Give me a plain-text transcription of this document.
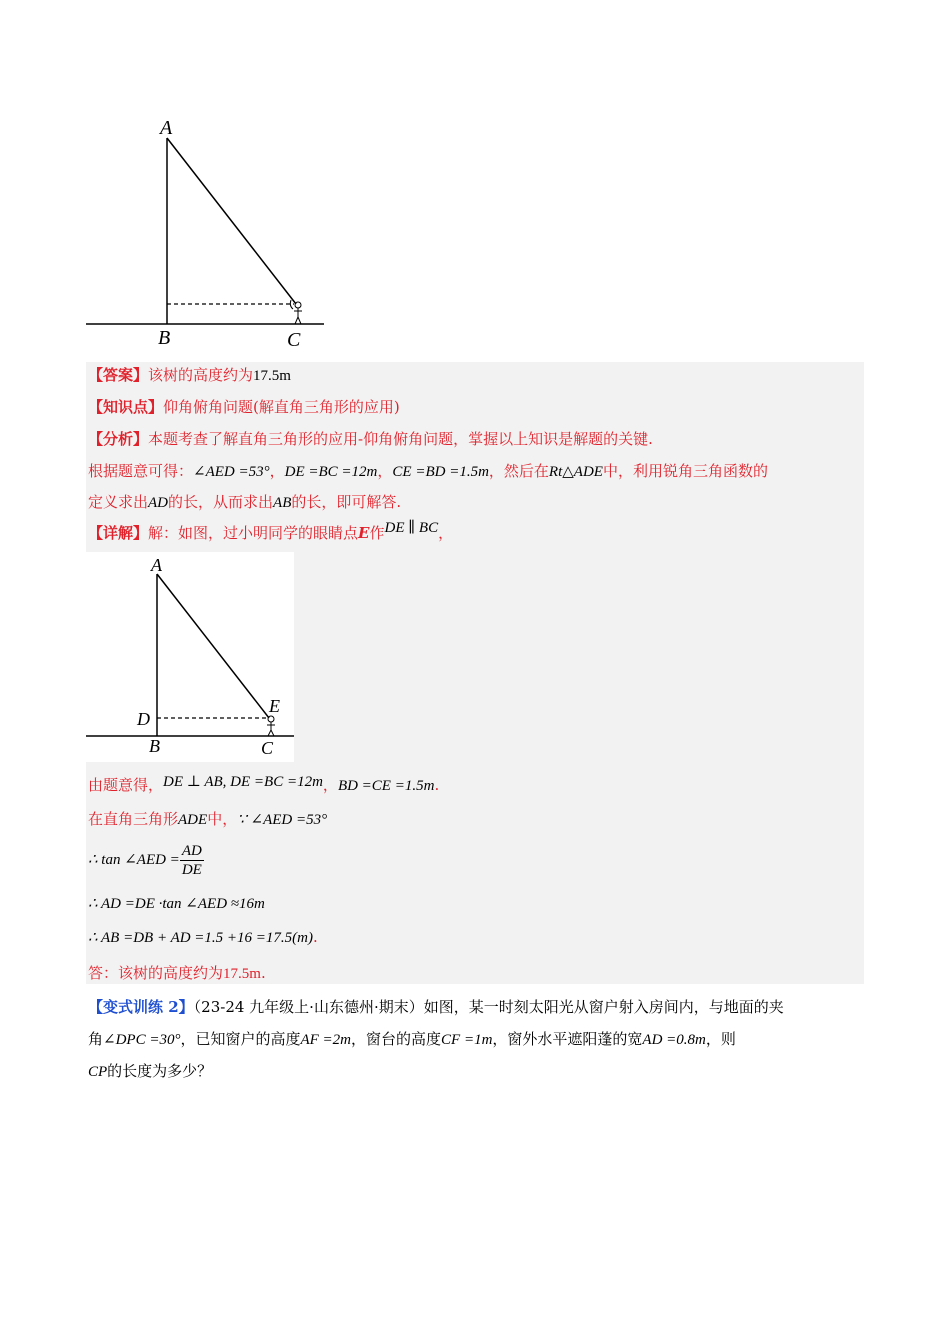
A
B	C
【答案】该树的高度约为17.5m
【知识点】仰角俯角问题(解直角三角形的应用)
【分析】本题考查了解直角三角形的应用-仰角俯角问题，掌握以上知识是解题的关键.
根据题意可得：∠AED =53°，DE =BC =12m，CE =BD =1.5m，然后在Rt△ADE中，利用锐角三角函数的
定义求出AD的长，从而求出AB的长，即可解答.
【详解】解：如图，过小明同学的眼睛点E作DE ∥ BC，
A
D
E
B	C
由题意得，DE ⊥ AB, DE =BC =12m，BD =CE =1.5m.
在直角三角形ADE中，∵ ∠AED =53°
∴ tan ∠AED = $\frac{AD}{DE}$
∴ AD =DE ·tan ∠AED ≈16m
∴ AB =DB + AD =1.5 +16 =17.5(m).
答：该树的高度约为17.5m.
【变式训练 2】（23-24 九年级上·山东德州·期末）如图，某一时刻太阳光从窗户射入房间内，与地面的夹
角∠DPC =30°，已知窗户的高度AF =2m，窗台的高度CF =1m，窗外水平遮阳蓬的宽AD =0.8m，则
CP的长度为多少？
